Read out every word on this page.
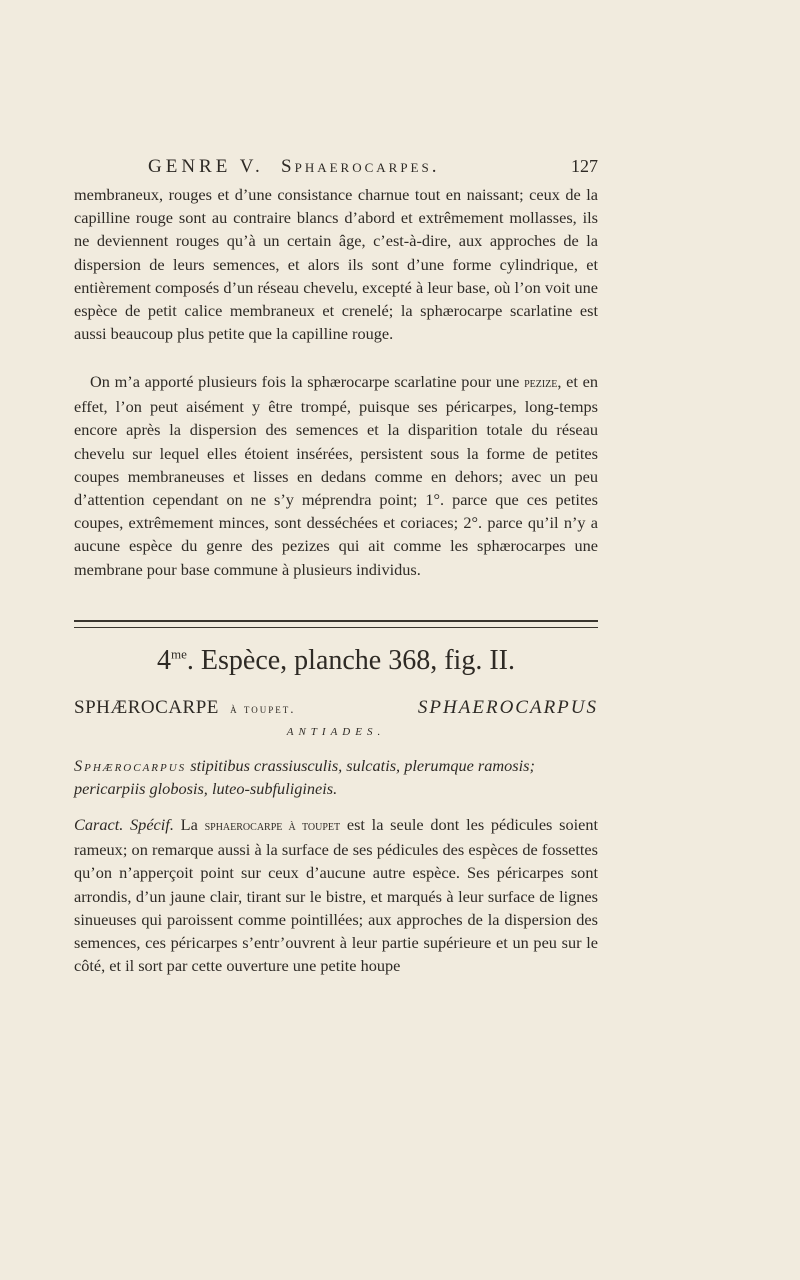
GENRE V. Sphaerocarpes.	127

membraneux, rouges et d’une consistance charnue tout en naissant; ceux de la capilline rouge sont au contraire blancs d’abord et extrêmement mollasses, ils ne deviennent rouges qu’à un certain âge, c’est-à-dire, aux approches de la dispersion de leurs semences, et alors ils sont d’une forme cylindrique, et entièrement composés d’un réseau chevelu, excepté à leur base, où l’on voit une espèce de petit calice membraneux et crenelé; la sphærocarpe scarlatine est aussi beaucoup plus petite que la capilline rouge.

On m’a apporté plusieurs fois la sphærocarpe scarlatine pour une pezize, et en effet, l’on peut aisément y être trompé, puisque ses péricarpes, long-temps encore après la dispersion des semences et la disparition totale du réseau chevelu sur lequel elles étoient insérées, persistent sous la forme de petites coupes membraneuses et lisses en dedans comme en dehors; avec un peu d’attention cependant on ne s’y méprendra point; 1°. parce que ces petites coupes, extrêmement minces, sont desséchées et coriaces; 2°. parce qu’il n’y a aucune espèce du genre des pezizes qui ait comme les sphærocarpes une membrane pour base commune à plusieurs individus.

$4^{me}$. Espèce, planche 368, fig. II.
SPHÆROCARPE à toupet.	SPHAEROCARPUS
ANTIADES.

Sphærocarpus stipitibus crassiusculis, sulcatis, plerumque ramosis; pericarpiis globosis, luteo-subfuligineis.

Caract. Spécif. La sphaerocarpe à toupet est la seule dont les pédicules soient rameux; on remarque aussi à la surface de ses pédicules des espèces de fossettes qu’on n’apperçoit point sur ceux d’aucune autre espèce. Ses péricarpes sont arrondis, d’un jaune clair, tirant sur le bistre, et marqués à leur surface de lignes sinueuses qui paroissent comme pointillées; aux approches de la dispersion des semences, ces péricarpes s’entr’ouvrent à leur partie supérieure et un peu sur le côté, et il sort par cette ouverture une petite houpe
